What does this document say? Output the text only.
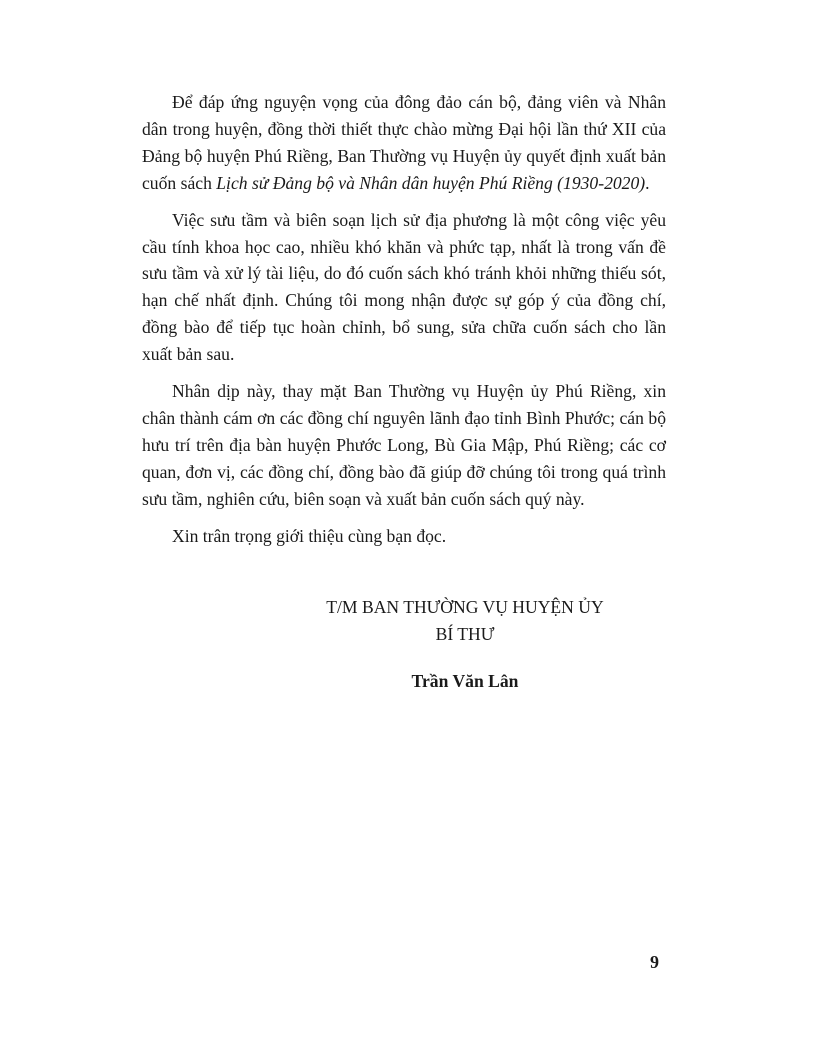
Để đáp ứng nguyện vọng của đông đảo cán bộ, đảng viên và Nhân dân trong huyện, đồng thời thiết thực chào mừng Đại hội lần thứ XII của Đảng bộ huyện Phú Riềng, Ban Thường vụ Huyện ủy quyết định xuất bản cuốn sách Lịch sử Đảng bộ và Nhân dân huyện Phú Riềng (1930-2020).

Việc sưu tầm và biên soạn lịch sử địa phương là một công việc yêu cầu tính khoa học cao, nhiều khó khăn và phức tạp, nhất là trong vấn đề sưu tầm và xử lý tài liệu, do đó cuốn sách khó tránh khỏi những thiếu sót, hạn chế nhất định. Chúng tôi mong nhận được sự góp ý của đồng chí, đồng bào để tiếp tục hoàn chỉnh, bổ sung, sửa chữa cuốn sách cho lần xuất bản sau.

Nhân dịp này, thay mặt Ban Thường vụ Huyện ủy Phú Riềng, xin chân thành cám ơn các đồng chí nguyên lãnh đạo tỉnh Bình Phước; cán bộ hưu trí trên địa bàn huyện Phước Long, Bù Gia Mập, Phú Riềng; các cơ quan, đơn vị, các đồng chí, đồng bào đã giúp đỡ chúng tôi trong quá trình sưu tầm, nghiên cứu, biên soạn và xuất bản cuốn sách quý này.

Xin trân trọng giới thiệu cùng bạn đọc.

T/M BAN THƯỜNG VỤ HUYỆN ỦY
BÍ THƯ
Trần Văn Lân
9
